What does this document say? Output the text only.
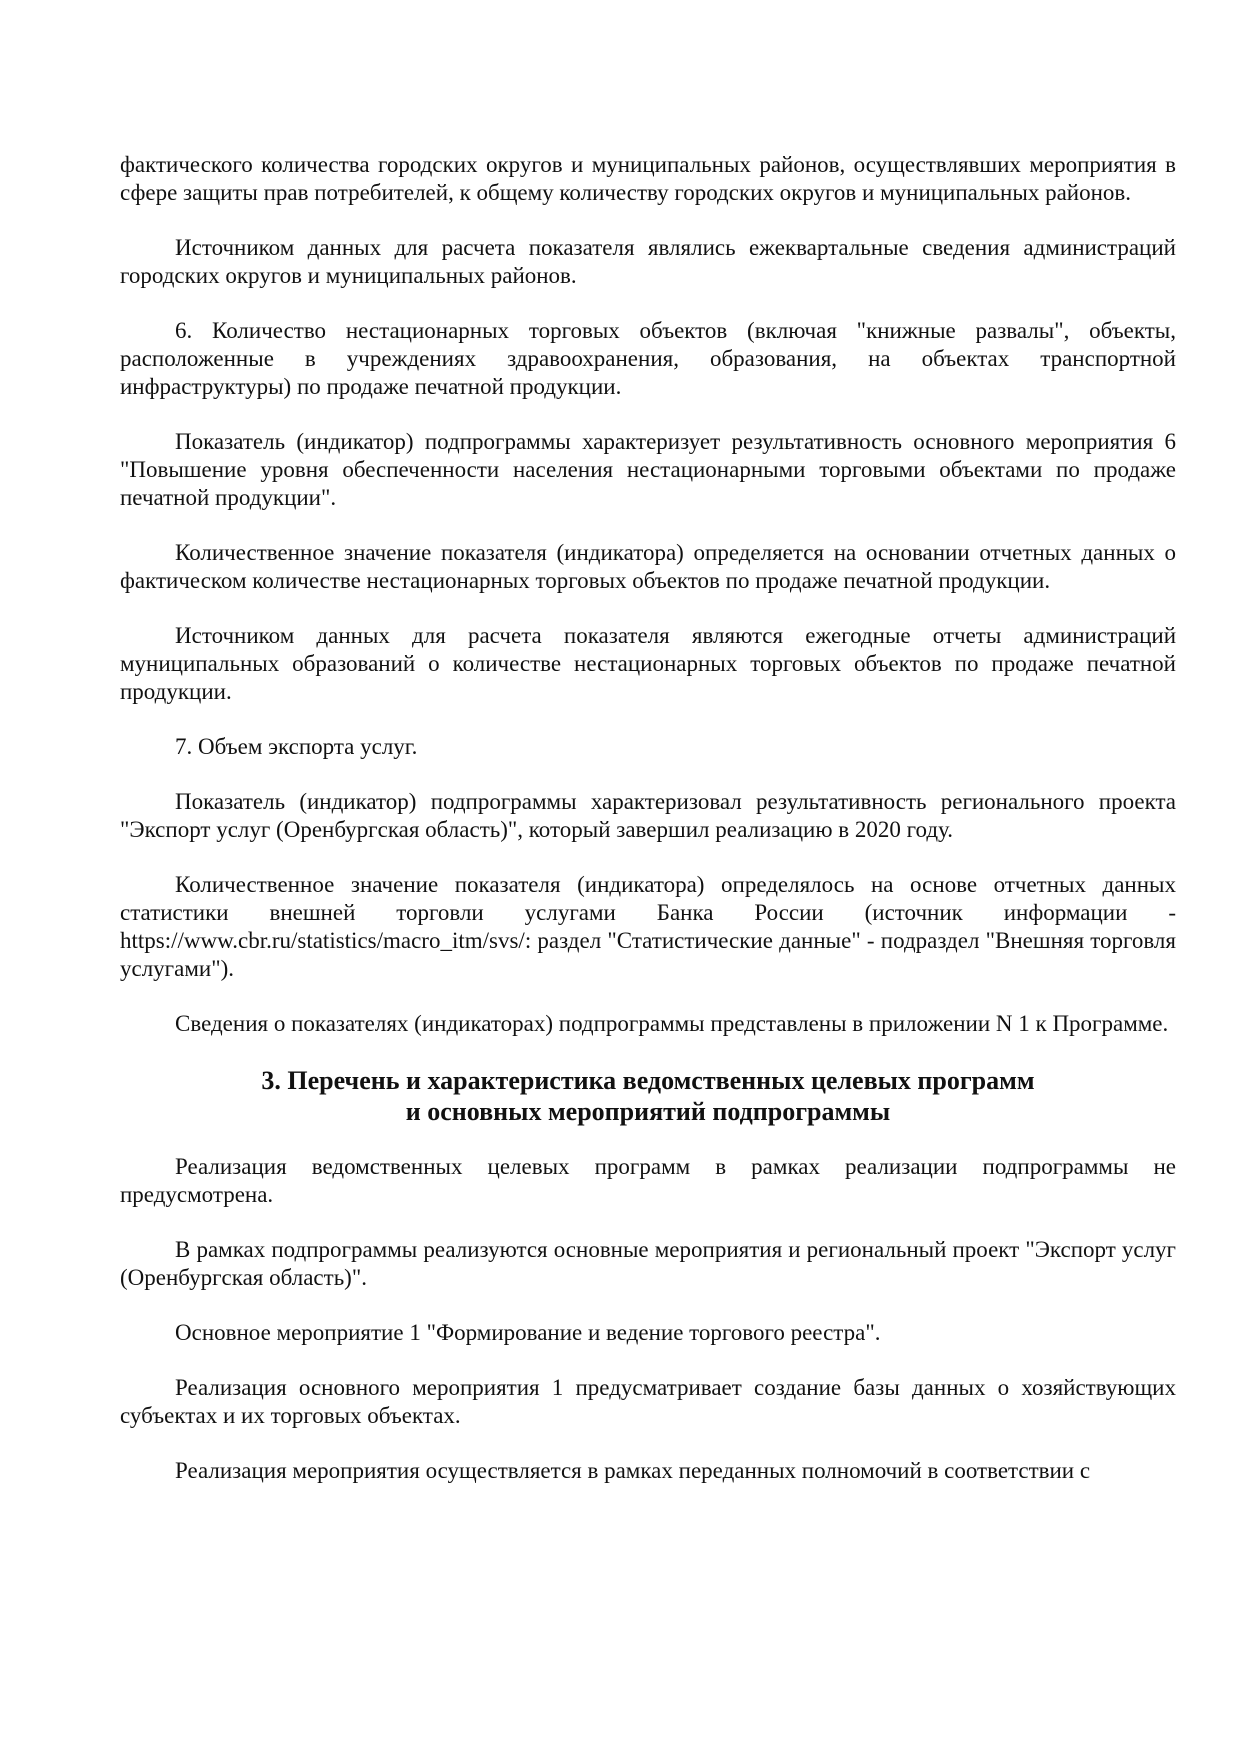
фактического количества городских округов и муниципальных районов, осуществлявших мероприятия в сфере защиты прав потребителей, к общему количеству городских округов и муниципальных районов.

Источником данных для расчета показателя являлись ежеквартальные сведения администраций городских округов и муниципальных районов.

6. Количество нестационарных торговых объектов (включая "книжные развалы", объекты, расположенные в учреждениях здравоохранения, образования, на объектах транспортной инфраструктуры) по продаже печатной продукции.

Показатель (индикатор) подпрограммы характеризует результативность основного мероприятия 6 "Повышение уровня обеспеченности населения нестационарными торговыми объектами по продаже печатной продукции".

Количественное значение показателя (индикатора) определяется на основании отчетных данных о фактическом количестве нестационарных торговых объектов по продаже печатной продукции.

Источником данных для расчета показателя являются ежегодные отчеты администраций муниципальных образований о количестве нестационарных торговых объектов по продаже печатной продукции.

7. Объем экспорта услуг.

Показатель (индикатор) подпрограммы характеризовал результативность регионального проекта "Экспорт услуг (Оренбургская область)", который завершил реализацию в 2020 году.

Количественное значение показателя (индикатора) определялось на основе отчетных данных статистики внешней торговли услугами Банка России (источник информации - https://www.cbr.ru/statistics/macro_itm/svs/: раздел "Статистические данные" - подраздел "Внешняя торговля услугами").

Сведения о показателях (индикаторах) подпрограммы представлены в приложении N 1 к Программе.

3. Перечень и характеристика ведомственных целевых программ
и основных мероприятий подпрограммы

Реализация ведомственных целевых программ в рамках реализации подпрограммы не предусмотрена.

В рамках подпрограммы реализуются основные мероприятия и региональный проект "Экспорт услуг (Оренбургская область)".

Основное мероприятие 1 "Формирование и ведение торгового реестра".

Реализация основного мероприятия 1 предусматривает создание базы данных о хозяйствующих субъектах и их торговых объектах.

Реализация мероприятия осуществляется в рамках переданных полномочий в соответствии с
